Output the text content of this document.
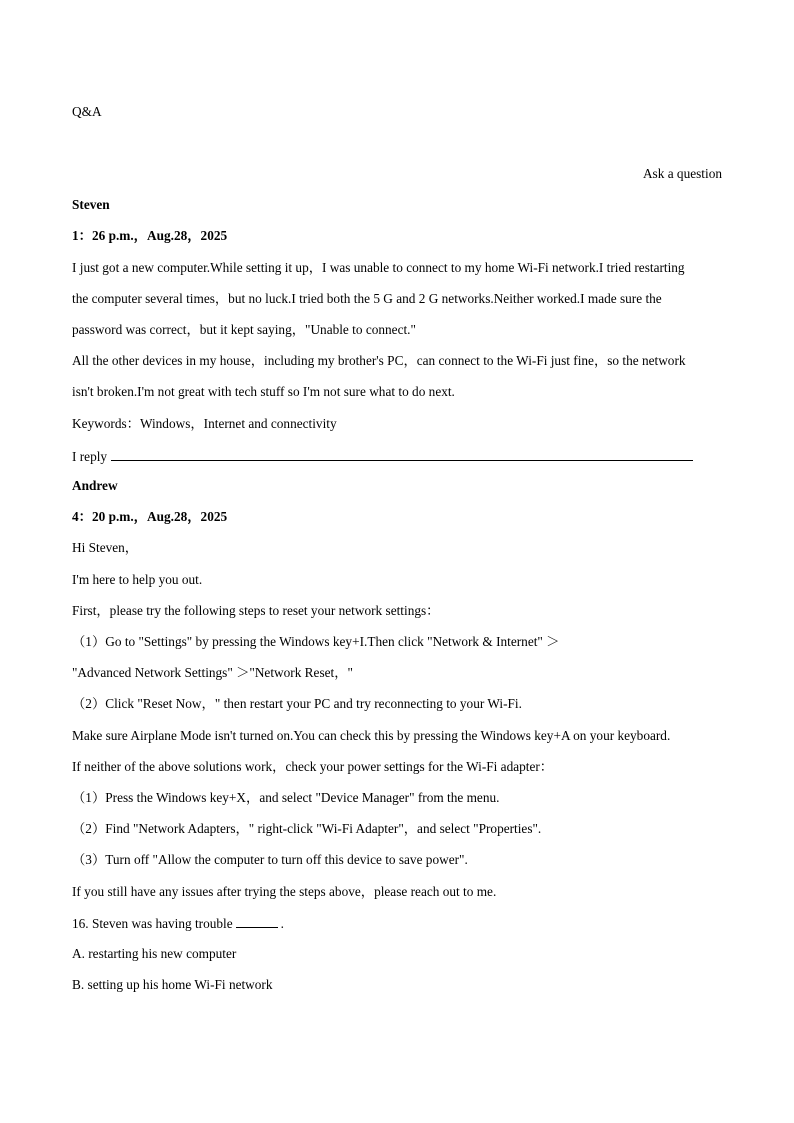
Q&A
Ask a question
Steven
1：26 p.m.，Aug.28，2025
I just got a new computer.While setting it up，I was unable to connect to my home Wi-Fi network.I tried restarting
the computer several times，but no luck.I tried both the 5 G and 2 G networks.Neither worked.I made sure the
password was correct，but it kept saying，"Unable to connect."
All the other devices in my house，including my brother's PC，can connect to the Wi-Fi just fine，so the network
isn't broken.I'm not great with tech stuff so I'm not sure what to do next.
Keywords：Windows，Internet and connectivity
I reply
Andrew
4：20 p.m.，Aug.28，2025
Hi Steven，
I'm here to help you out.
First，please try the following steps to reset your network settings：
（1）Go to "Settings" by pressing the Windows key+I.Then click "Network & Internet" ＞
"Advanced Network Settings" ＞"Network Reset，"
（2）Click "Reset Now，" then restart your PC and try reconnecting to your Wi-Fi.
Make sure Airplane Mode isn't turned on.You can check this by pressing the Windows key+A on your keyboard.
If neither of the above solutions work，check your power settings for the Wi-Fi adapter：
（1）Press the Windows key+X，and select "Device Manager" from the menu.
（2）Find "Network Adapters，" right-click "Wi-Fi Adapter"，and select "Properties".
（3）Turn off "Allow the computer to turn off this device to save power".
If you still have any issues after trying the steps above，please reach out to me.
16. Steven was having trouble	.
A. restarting his new computer
B. setting up his home Wi-Fi network
